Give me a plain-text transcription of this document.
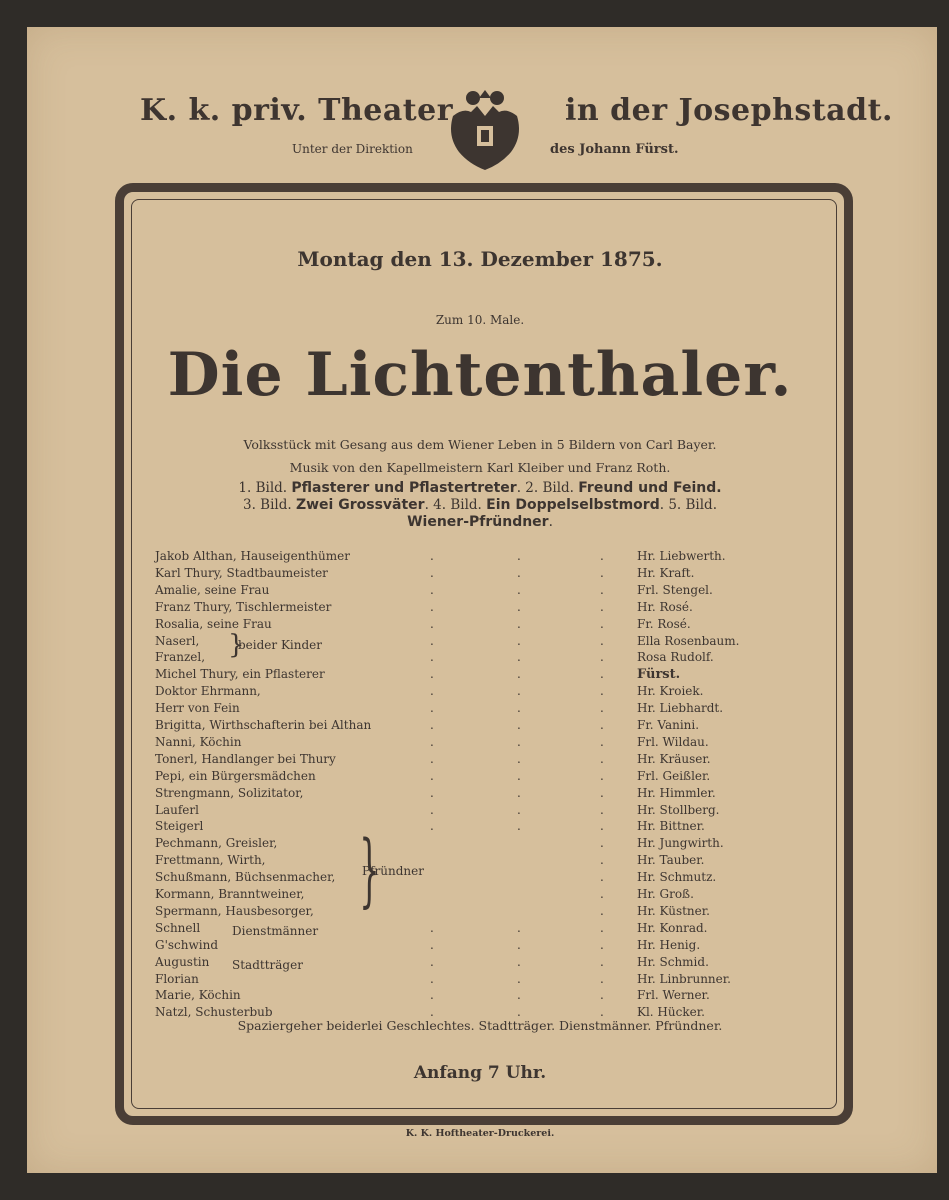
K. k. priv. Theater	in der Josephstadt.
Unter der Direktion	des Johann Fürst.
Montag den 13. Dezember 1875.
Zum 10. Male.
Die Lichtenthaler.
Volksstück mit Gesang aus dem Wiener Leben in 5 Bildern von Carl Bayer.
Musik von den Kapellmeistern Karl Kleiber und Franz Roth.
1. Bild. Pflasterer und Pflastertreter. 2. Bild. Freund und Feind.
3. Bild. Zwei Grossväter. 4. Bild. Ein Doppelselbstmord. 5. Bild.
Wiener-Pfründner.
Jakob Althan, Hauseigenthümer	.	.	.	Hr. Liebwerth.
Karl Thury, Stadtbaumeister	.	.	.	Hr. Kraft.
Amalie, seine Frau	.	.	.	Frl. Stengel.
Franz Thury, Tischlermeister	.	.	.	Hr. Rosé.
Rosalia, seine Frau	.	.	.	Fr. Rosé.
Naserl,	.	.	.	Ella Rosenbaum.
Franzel,	.	.	.	Rosa Rudolf.
Michel Thury, ein Pflasterer	.	.	.	Fürst.
Doktor Ehrmann,	.	.	.	Hr. Kroiek.
Herr von Fein	.	.	.	Hr. Liebhardt.
Brigitta, Wirthschafterin bei Althan	.	.	.	Fr. Vanini.
Nanni, Köchin	.	.	.	Frl. Wildau.
Tonerl, Handlanger bei Thury	.	.	.	Hr. Kräuser.
Pepi, ein Bürgersmädchen	.	.	.	Frl. Geißler.
Strengmann, Solizitator,	.	.	.	Hr. Himmler.
Lauferl	.	.	.	Hr. Stollberg.
Steigerl	.	.	.	Hr. Bittner.
Pechmann, Greisler,	.	Hr. Jungwirth.
Frettmann, Wirth,	.	Hr. Tauber.
Schußmann, Büchsenmacher,	.	Hr. Schmutz.
Kormann, Branntweiner,	.	Hr. Groß.
Spermann, Hausbesorger,	.	Hr. Küstner.
Schnell	.	.	.	Hr. Konrad.
G'schwind	.	.	.	Hr. Henig.
Augustin	.	.	.	Hr. Schmid.
Florian	.	.	.	Hr. Linbrunner.
Marie, Köchin	.	.	.	Frl. Werner.
Natzl, Schusterbub	.	.	.	Kl. Hücker.
beider Kinder
}
Pfründner
}
Dienstmänner
Stadtträger
Spaziergeher beiderlei Geschlechtes. Stadtträger. Dienstmänner. Pfründner.
Anfang 7 Uhr.
K. K. Hoftheater-Druckerei.
